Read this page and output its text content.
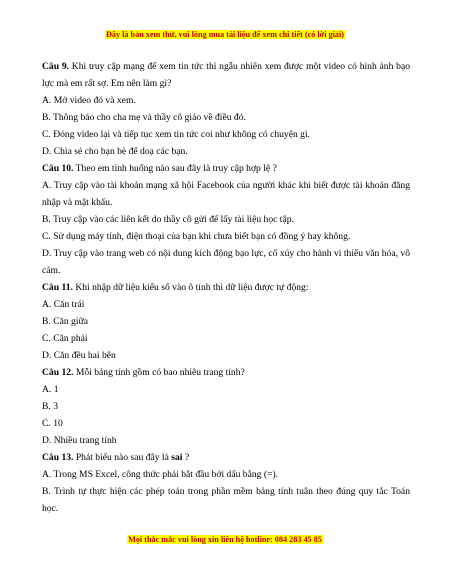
Đây là bản xem thử, vui lòng mua tài liệu để xem chi tiết (có lời giải)

Câu 9. Khi truy cập mạng để xem tin tức thì ngẫu nhiên xem được một video có hình ảnh bạo lực mà em rất sợ. Em nên làm gì?

A. Mở video đó và xem.

B. Thông báo cho cha mẹ và thầy cô giáo về điều đó.

C. Đóng video lại và tiếp tục xem tin tức coi như không có chuyện gì.

D. Chia sẻ cho bạn bè để doạ các bạn.

Câu 10. Theo em tình huống nào sau đây là truy cập hợp lệ ?

A. Truy cập vào tài khoản mạng xã hội Facebook của người khác khi biết được tài khoản đăng nhập và mật khẩu.

B. Truy cập vào các liên kết do thầy cô gửi để lấy tài liệu học tập.

C. Sử dụng máy tính, điện thoại của bạn khi chưa biết bạn có đồng ý hay không.

D. Truy cập vào trang web có nội dung kích động bạo lực, cổ xúy cho hành vi thiếu văn hóa, vô cảm.

Câu 11. Khi nhập dữ liệu kiểu số vào ô tính thì dữ liệu được tự động:

A. Căn trái

B. Căn giữa

C. Căn phải

D. Căn đều hai bên

Câu 12. Mỗi bảng tính gồm có bao nhiêu trang tính?

A. 1

B. 3

C. 10

D. Nhiều trang tính

Câu 13. Phát biểu nào sau đây là sai ?

A. Trong MS Excel, công thức phải bắt đầu bởi dấu bằng (=).

B. Trình tự thực hiện các phép toán trong phần mềm bảng tính tuân theo đúng quy tắc Toán học.

Mọi thắc mắc vui lòng xin liên hệ hotline: 084 283 45 85
